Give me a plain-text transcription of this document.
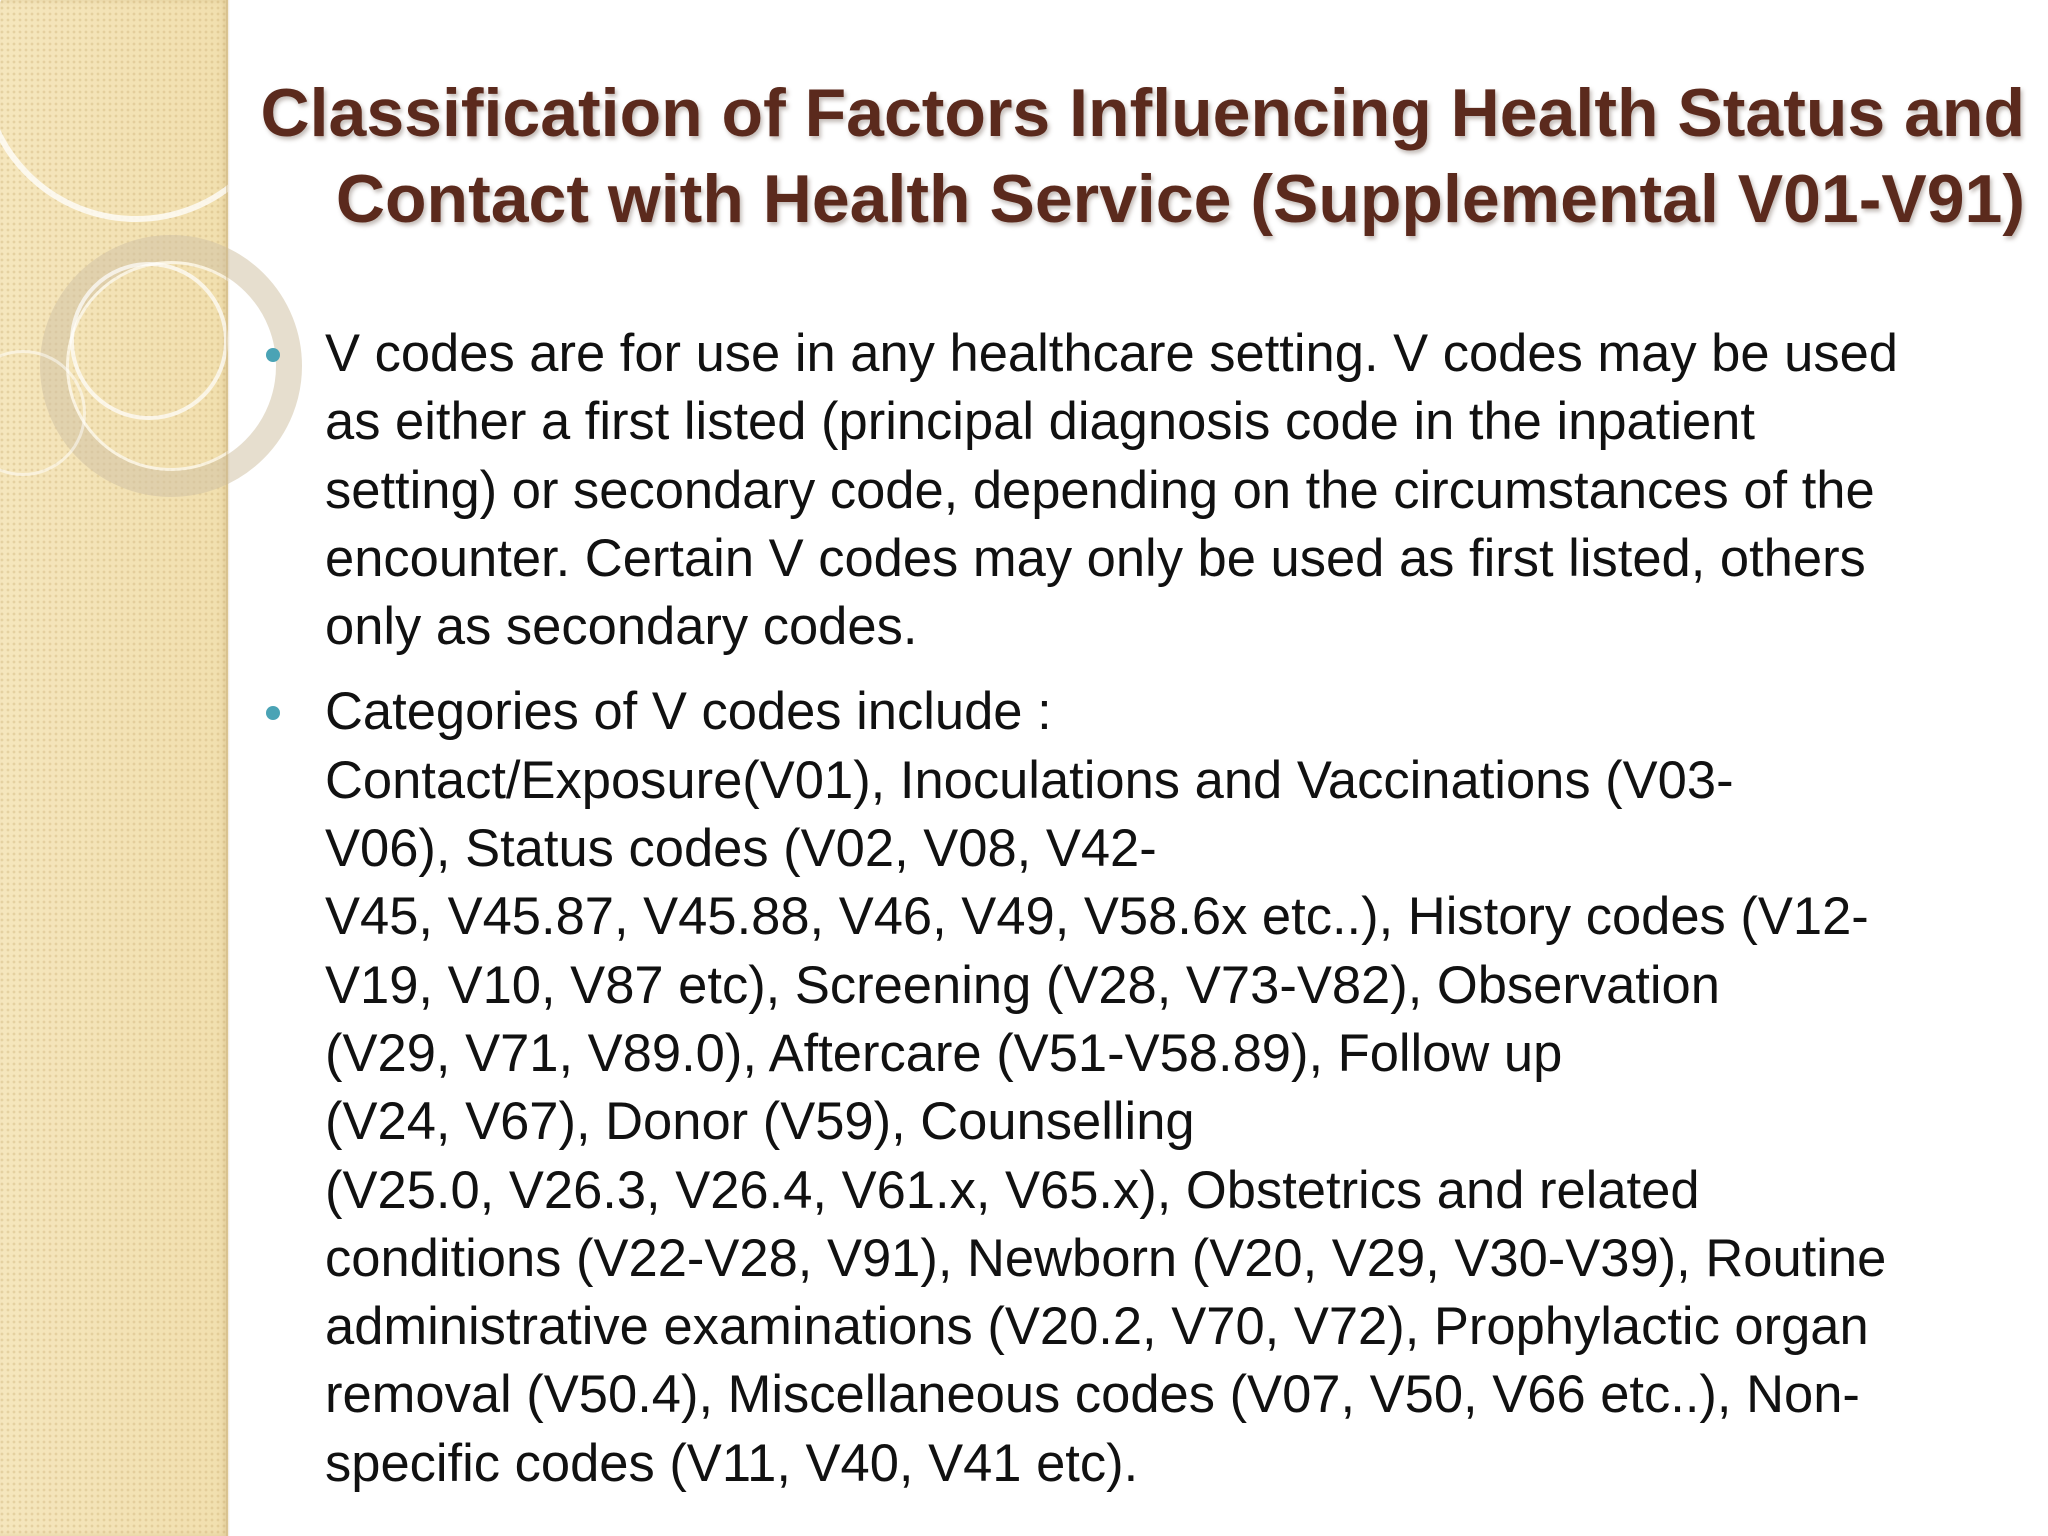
Classification of Factors Influencing Health Status and
Contact with Health Service (Supplemental V01-V91)
V codes are for use in any healthcare setting. V codes may be used
as either a first listed (principal diagnosis code in the inpatient
setting) or secondary code, depending on the circumstances of the
encounter. Certain V codes may only be used as first listed, others
only as secondary codes.
Categories of V codes include :
Contact/Exposure(V01), Inoculations and Vaccinations (V03-
V06), Status codes (V02, V08, V42-
V45, V45.87, V45.88, V46, V49, V58.6x etc..), History codes (V12-
V19, V10, V87 etc), Screening (V28, V73-V82), Observation
(V29, V71, V89.0), Aftercare (V51-V58.89), Follow up
(V24, V67), Donor (V59), Counselling
(V25.0, V26.3, V26.4, V61.x, V65.x), Obstetrics and related
conditions (V22-V28, V91), Newborn (V20, V29, V30-V39), Routine
administrative examinations (V20.2, V70, V72), Prophylactic organ
removal (V50.4), Miscellaneous codes (V07, V50, V66 etc..), Non-
specific codes (V11, V40, V41 etc).
